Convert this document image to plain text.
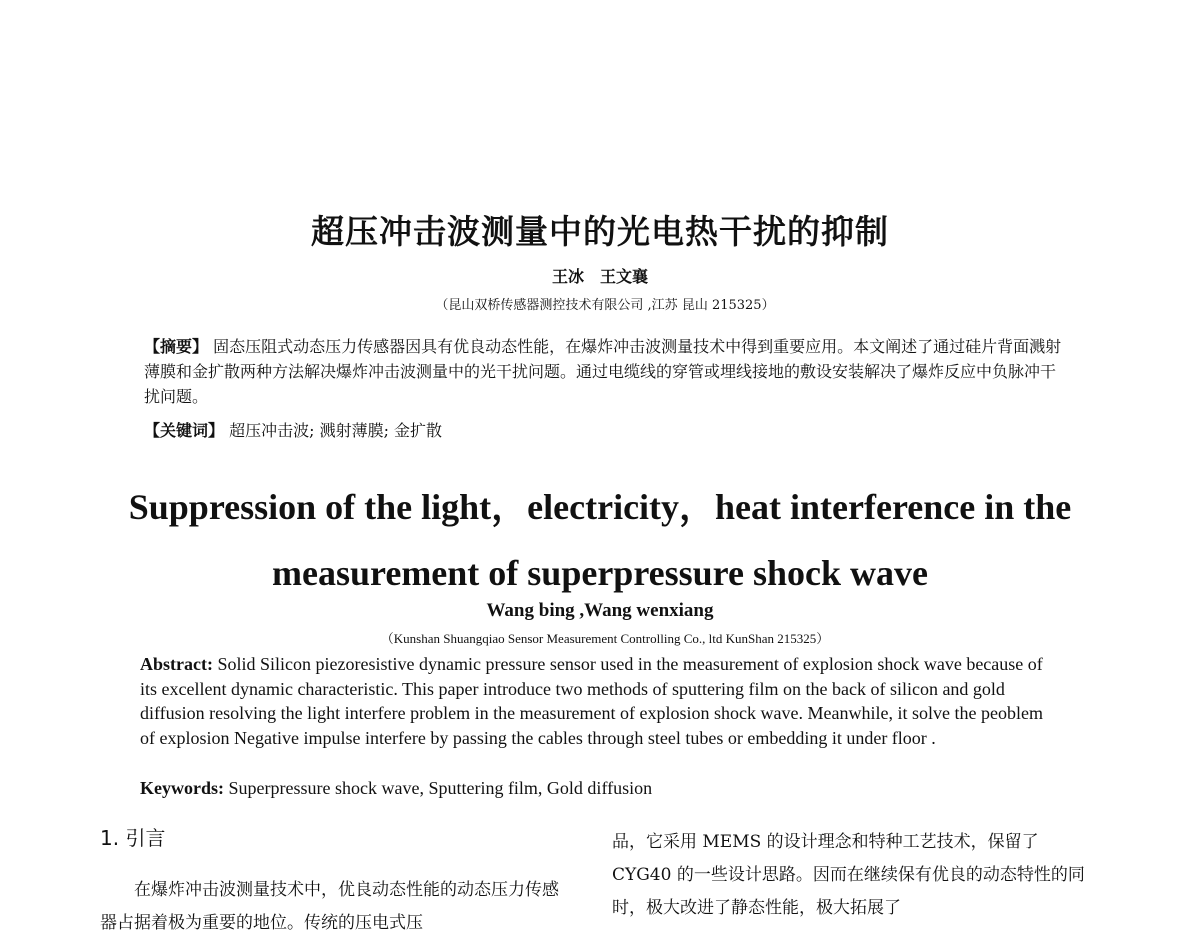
超压冲击波测量中的光电热干扰的抑制
王冰　王文襄
（昆山双桥传感器测控技术有限公司 ,江苏 昆山 215325）
【摘要】 固态压阻式动态压力传感器因具有优良动态性能，在爆炸冲击波测量技术中得到重要应用。本文阐述了通过硅片背面溅射薄膜和金扩散两种方法解决爆炸冲击波测量中的光干扰问题。通过电缆线的穿管或埋线接地的敷设安装解决了爆炸反应中负脉冲干扰问题。
【关键词】 超压冲击波; 溅射薄膜; 金扩散
Suppression of the light，electricity，heat interference in the
measurement of superpressure shock wave
Wang bing ,Wang wenxiang
（Kunshan Shuangqiao Sensor Measurement Controlling Co., ltd KunShan 215325）
Abstract: Solid Silicon piezoresistive dynamic pressure sensor used in the measurement of explosion shock wave because of its excellent dynamic characteristic. This paper introduce two methods of sputtering film on the back of silicon and gold diffusion resolving the light interfere problem in the measurement of explosion shock wave. Meanwhile, it solve the peoblem of explosion Negative impulse interfere by passing the cables through steel tubes or embedding it under floor .
Keywords: Superpressure shock wave, Sputtering film, Gold diffusion
1. 引言
在爆炸冲击波测量技术中，优良动态性能的动态压力传感器占据着极为重要的地位。传统的压电式压
品，它采用 MEMS 的设计理念和特种工艺技术，保留了 CYG40 的一些设计思路。因而在继续保有优良的动态特性的同时，极大改进了静态性能，极大拓展了
